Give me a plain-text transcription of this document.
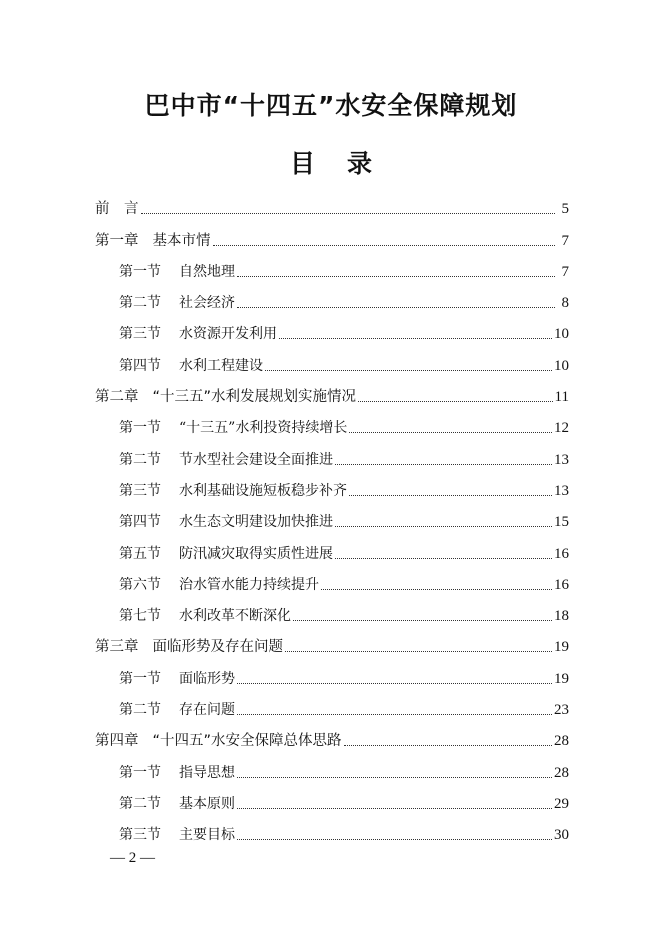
巴中市“十四五”水安全保障规划
目 录
前　言	5
第一章 基本市情	7
第一节 自然地理	7
第二节 社会经济	8
第三节 水资源开发利用	10
第四节 水利工程建设	10
第二章 “十三五”水利发展规划实施情况	11
第一节 “十三五”水利投资持续增长	12
第二节 节水型社会建设全面推进	13
第三节 水利基础设施短板稳步补齐	13
第四节 水生态文明建设加快推进	15
第五节 防汛减灾取得实质性进展	16
第六节 治水管水能力持续提升	16
第七节 水利改革不断深化	18
第三章 面临形势及存在问题	19
第一节 面临形势	19
第二节 存在问题	23
第四章 “十四五”水安全保障总体思路	28
第一节 指导思想	28
第二节 基本原则	29
第三节 主要目标	30
— 2 —
